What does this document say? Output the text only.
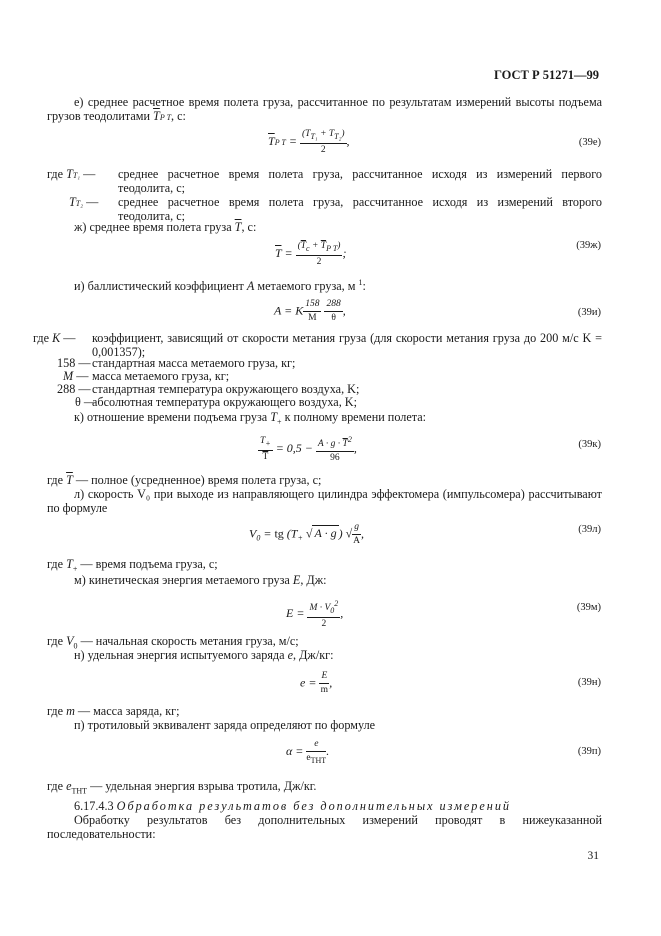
ГОСТ Р 51271—99
е) среднее расчетное время полета груза, рассчитанное по результатам измерений высоты подъема грузов теодолитами $\overline{T}P$ T, с:
$\overline{T}P$ $T = \frac{(T_{T_1} + T_{T_2})}{2}$ ,	(39е)
где TT₁ — среднее расчетное время полета груза, рассчитанное исходя из измерений первого теодолита, с;
TT₂ — среднее расчетное время полета груза, рассчитанное исходя из измерений второго теодолита, с;
ж) среднее время полета груза $\overline{T}$, с:
$\overline{T} = \frac{(\overline{T}_с + \overline{T}_{P T})}{2}$ ;
(39ж)
и) баллистический коэффициент A метаемого груза, м $^1$:
A = K $\frac{158}{M}$
$\frac{288}{\theta}$ ,	(39и)
где K — коэффициент, зависящий от скорости метания груза (для скорости метания груза до 200 м/с K = 0,001357);
158 — стандартная масса метаемого груза, кг;
M — масса метаемого груза, кг;
288 — стандартная температура окружающего воздуха, K;
θ —
абсолютная температура окружающего воздуха, K;
к) отношение времени подъема груза $T_+$ к полному времени полета:
$\frac{T_+}{T} = 0,5 - \frac{A \cdot g \cdot \overline{T}^2}{96}$ ,	(39к)
где $\overline{T}$ — полное (усредненное) время полета груза, с;
л) скорость V₀ при выходе из направляющего цилиндра эффектомера (импульсомера) рассчитывают по формуле
$V_0$ = tg ($T_+$ √ A · g ) √ $\frac{g}{A}$ ,	(39л)
где $T_+$ — время подъема груза, с;
м) кинетическая энергия метаемого груза E, Дж:
$E = \frac{M \cdot V_0^2}{2}$ ,	(39м)
где $V_0$ — начальная скорость метания груза, м/с;
н) удельная энергия испытуемого заряда e, Дж/кг:
$e = \frac{E}{m}$ ,	(39н)
где m — масса заряда, кг;
п) тротиловый эквивалент заряда определяют по формуле
$\alpha = \frac{e}{e_{ТНТ}}$ .	(39п)
где $e_{ТНТ}$ — удельная энергия взрыва тротила, Дж/кг.
6.17.4.3 Обработка результатов без дополнительных измерений
Обработку результатов без дополнительных измерений проводят в нижеуказанной последовательности:
31
